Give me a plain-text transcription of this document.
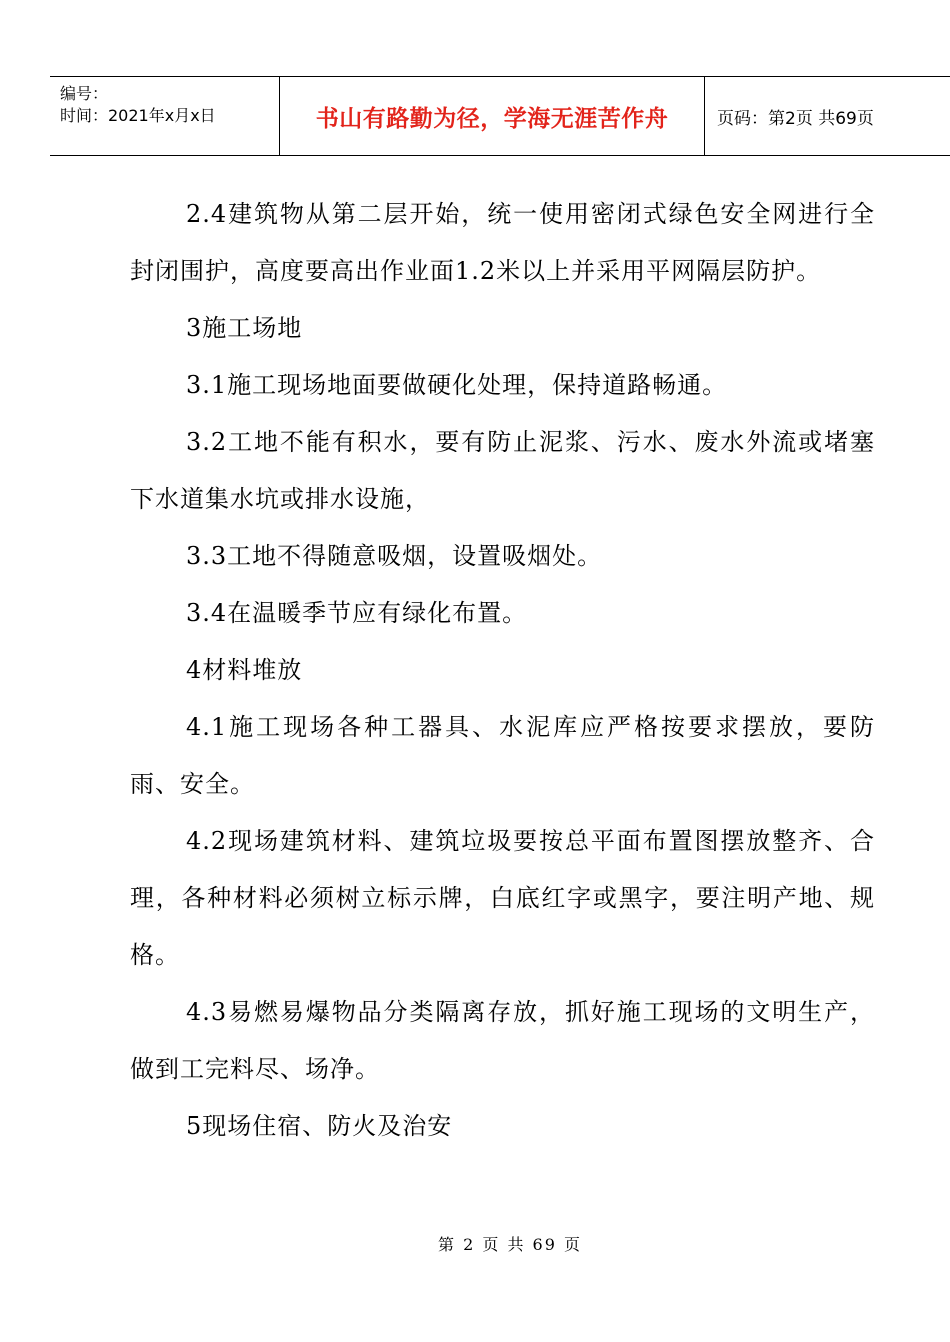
编号：
时间：2021年x月x日	书山有路勤为径，学海无涯苦作舟	页码：第2页 共69页

2.4建筑物从第二层开始，统一使用密闭式绿色安全网进行全封闭围护，高度要高出作业面1.2米以上并采用平网隔层防护。

3施工场地

3.1施工现场地面要做硬化处理，保持道路畅通。

3.2工地不能有积水，要有防止泥浆、污水、废水外流或堵塞下水道集水坑或排水设施，

3.3工地不得随意吸烟，设置吸烟处。

3.4在温暖季节应有绿化布置。

4材料堆放

4.1施工现场各种工器具、水泥库应严格按要求摆放，要防雨、安全。

4.2现场建筑材料、建筑垃圾要按总平面布置图摆放整齐、合理，各种材料必须树立标示牌，白底红字或黑字，要注明产地、规格。

4.3易燃易爆物品分类隔离存放，抓好施工现场的文明生产，做到工完料尽、场净。

5现场住宿、防火及治安

第 2 页 共 69 页
